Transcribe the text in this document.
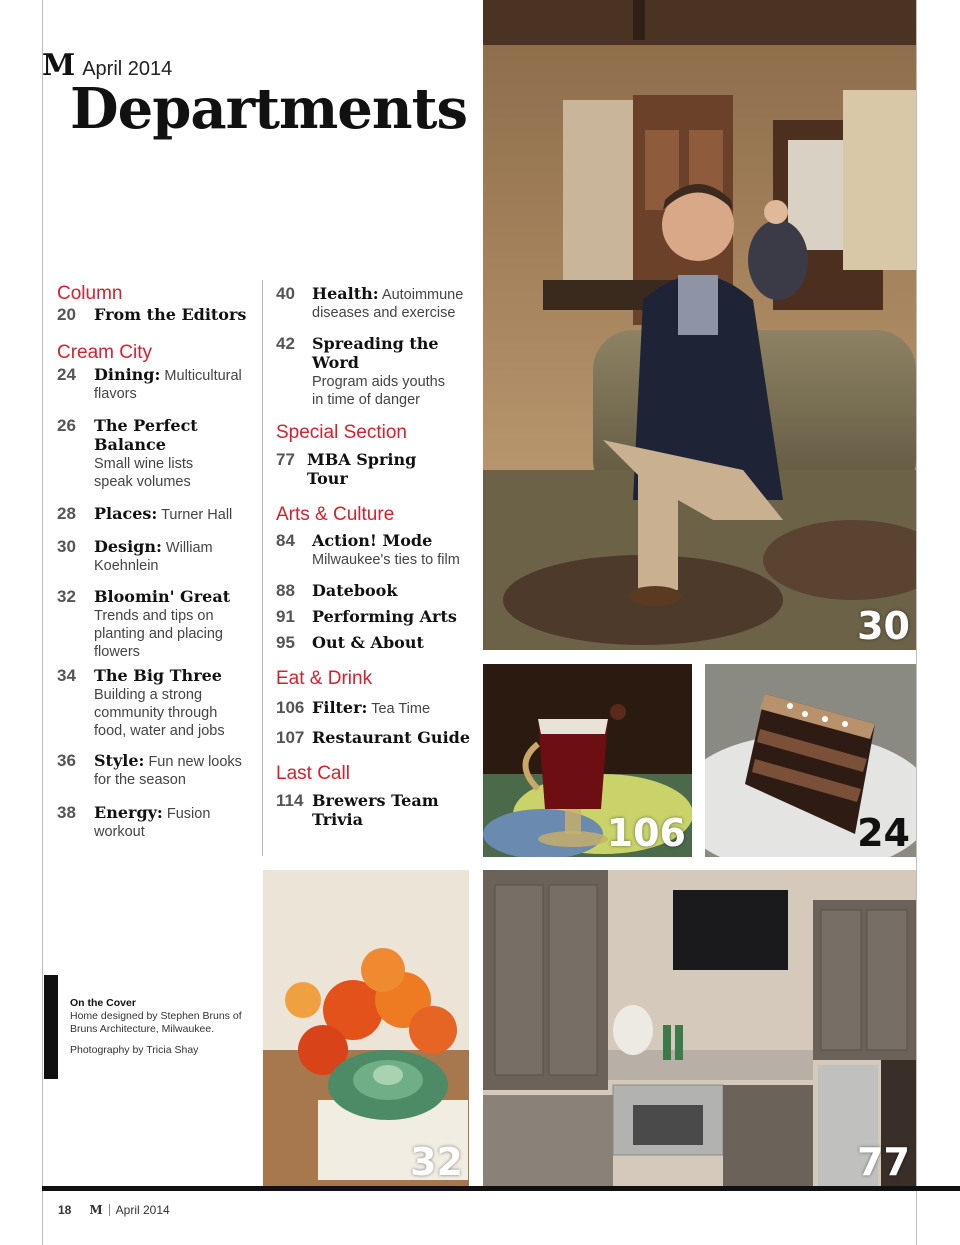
M April 2014
Departments
Column
20 From the Editors
Cream City
24 Dining: Multicultural flavors
26 The Perfect Balance
Small wine lists speak volumes
28 Places: Turner Hall
30 Design: William Koehnlein
32 Bloomin' Great
Trends and tips on planting and placing flowers
34 The Big Three
Building a strong community through food, water and jobs
36 Style: Fun new looks for the season
38 Energy: Fusion workout
40 Health: Autoimmune diseases and exercise
42 Spreading the Word
Program aids youths in time of danger
Special Section
77 MBA Spring Tour
Arts & Culture
84 Action! Mode
Milwaukee's ties to film
88 Datebook
91 Performing Arts
95 Out & About
Eat & Drink
106 Filter: Tea Time
107 Restaurant Guide
Last Call
114 Brewers Team Trivia
30
106	24
32	77
On the Cover
Home designed by Stephen Bruns of Bruns Architecture, Milwaukee.

Photography by Tricia Shay
18 M April 2014
